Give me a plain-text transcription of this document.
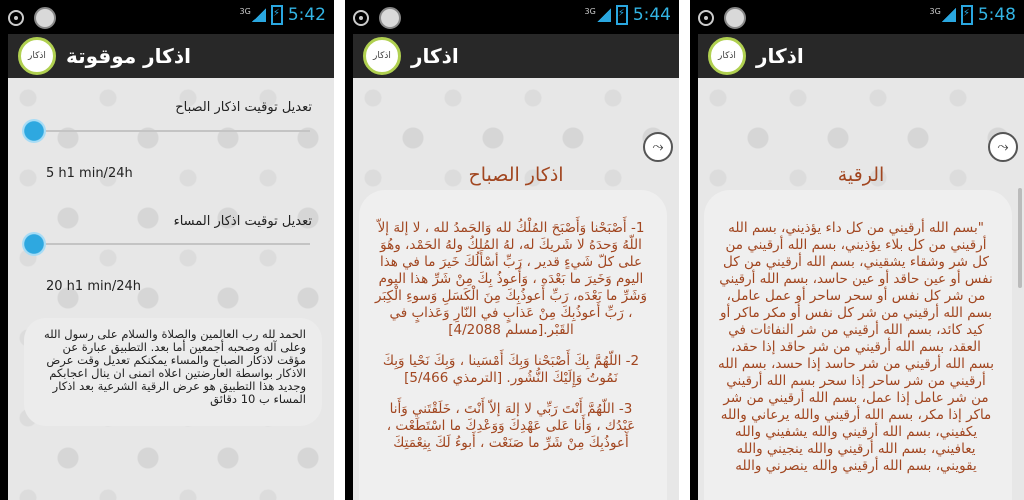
3G ⚡ 5:42
اذكار اذكار موقوتة
تعديل توقيت اذكار الصباح
5 h1 min/24h
تعديل توقيت اذكار المساء
20 h1 min/24h
الحمد لله رب العالمين والصلاة والسلام على رسول الله وعلى آله وصحبه أجمعين أما بعد. التطبيق عبارة عن مؤقت لاذكار الصباح والمساء يمكنكم تعديل وقت عرض الاذكار بواسطة العارضتين اعلاه اتمنى ان ينال اعجابكم وجديد هذا التطبيق هو عرض الرقية الشرعية بعد اذكار المساء ب 10 دقائق
3G ⚡ 5:44
اذكار اذكار
⤳
اذكار الصباح

1- أَصْبَحْنا وَأَصْبَحَ المُلْكُ لله وَالحَمدُ لله ، لا إلهَ إلاّ اللّهُ وَحدَهُ لا شَريكَ له، لهُ المُلكُ ولهُ الحَمْد، وهُوَ على كلّ شَيءٍ قدير ، رَبِّ أسْأَلُكَ خَيرَ ما في هذا اليوم وَخَيرَ ما بَعْدَه ، وَأَعوذُ بِكَ مِنْ شَرِّ هذا اليوم وَشَرِّ ما بَعْدَه، رَبِّ أَعوذُبِكَ مِنَ الْكَسَلِ وَسوءِ الْكِبَر ، رَبِّ أَعوذُبِكَ مِنْ عَذابٍ في النّارِ وَعَذابٍ في القَبْر.[مسلم 4/2088]

2- اللّهُمَّ بِكَ أَصْبَحْنا وَبِكَ أَمْسَينا ، وَبِكَ نَحْيا وَبِكَ نَمُوتُ وَإِلَيْكَ النُّشُور. [الترمذي 5/466]

3- اللّهُمَّ أَنْتَ رَبِّي لا إلهَ إلاّ أَنْتَ ، خَلَقْتَني وَأَنا عَبْدُك ، وَأَنا عَلى عَهْدِكَ وَوَعْدِكَ ما اسْتَطَعْت ، أَعوذُبِكَ مِنْ شَرِّ ما صَنَعْت ، أَبوءُ لَكَ بِنِعْمَتِكَ

3G ⚡ 5:48
اذكار اذكار
⤳
الرقية

"بسم الله أرقيني من كل داء يؤذيني، بسم الله أرقيني من كل بلاء يؤذيني، بسم الله أرقيني من كل شر وشقاء يشقيني، بسم الله أرقيني من كل نفس أو عين حاقد أو عين حاسد، بسم الله أرقيني من شر كل نفس أو سحر ساحر أو عمل عامل، بسم الله أرقيني من شر كل نفس أو مكر ماكر أو كيد كائد، بسم الله أرقيني من شر النفاثات في العقد، بسم الله أرقيني من شر حاقد إذا حقد، بسم الله أرقيني من شر حاسد إذا حسد، بسم الله أرقيني من شر ساحر إذا سحر بسم الله أرقيني من شر عامل إذا عمل، بسم الله أرقيني من شر ماكر إذا مكر، بسم الله أرقيني والله يرعاني والله يكفيني، بسم الله أرقيني والله يشفيني والله يعافيني، بسم الله أرقيني والله ينجيني والله يقويني، بسم الله أرقيني والله ينصرني والله
